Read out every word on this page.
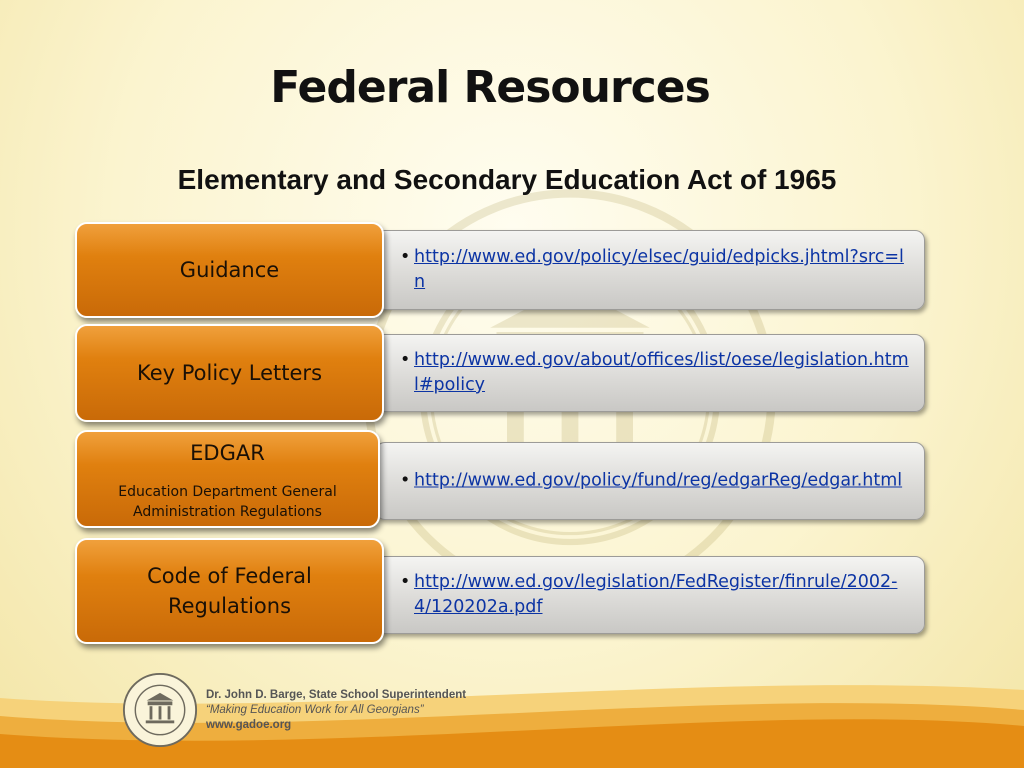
Federal Resources
Elementary and Secondary Education Act of 1965
• http://www.ed.gov/policy/elsec/guid/edpicks.jhtml?src=ln
Guidance
• http://www.ed.gov/about/offices/list/oese/legislation.html#policy
Key Policy Letters
• http://www.ed.gov/policy/fund/reg/edgarReg/edgar.html
EDGAR
Education Department General Administration Regulations
• http://www.ed.gov/legislation/FedRegister/finrule/2002-4/120202a.pdf
Code of Federal Regulations
Dr. John D. Barge, State School Superintendent
“Making Education Work for All Georgians”
www.gadoe.org
